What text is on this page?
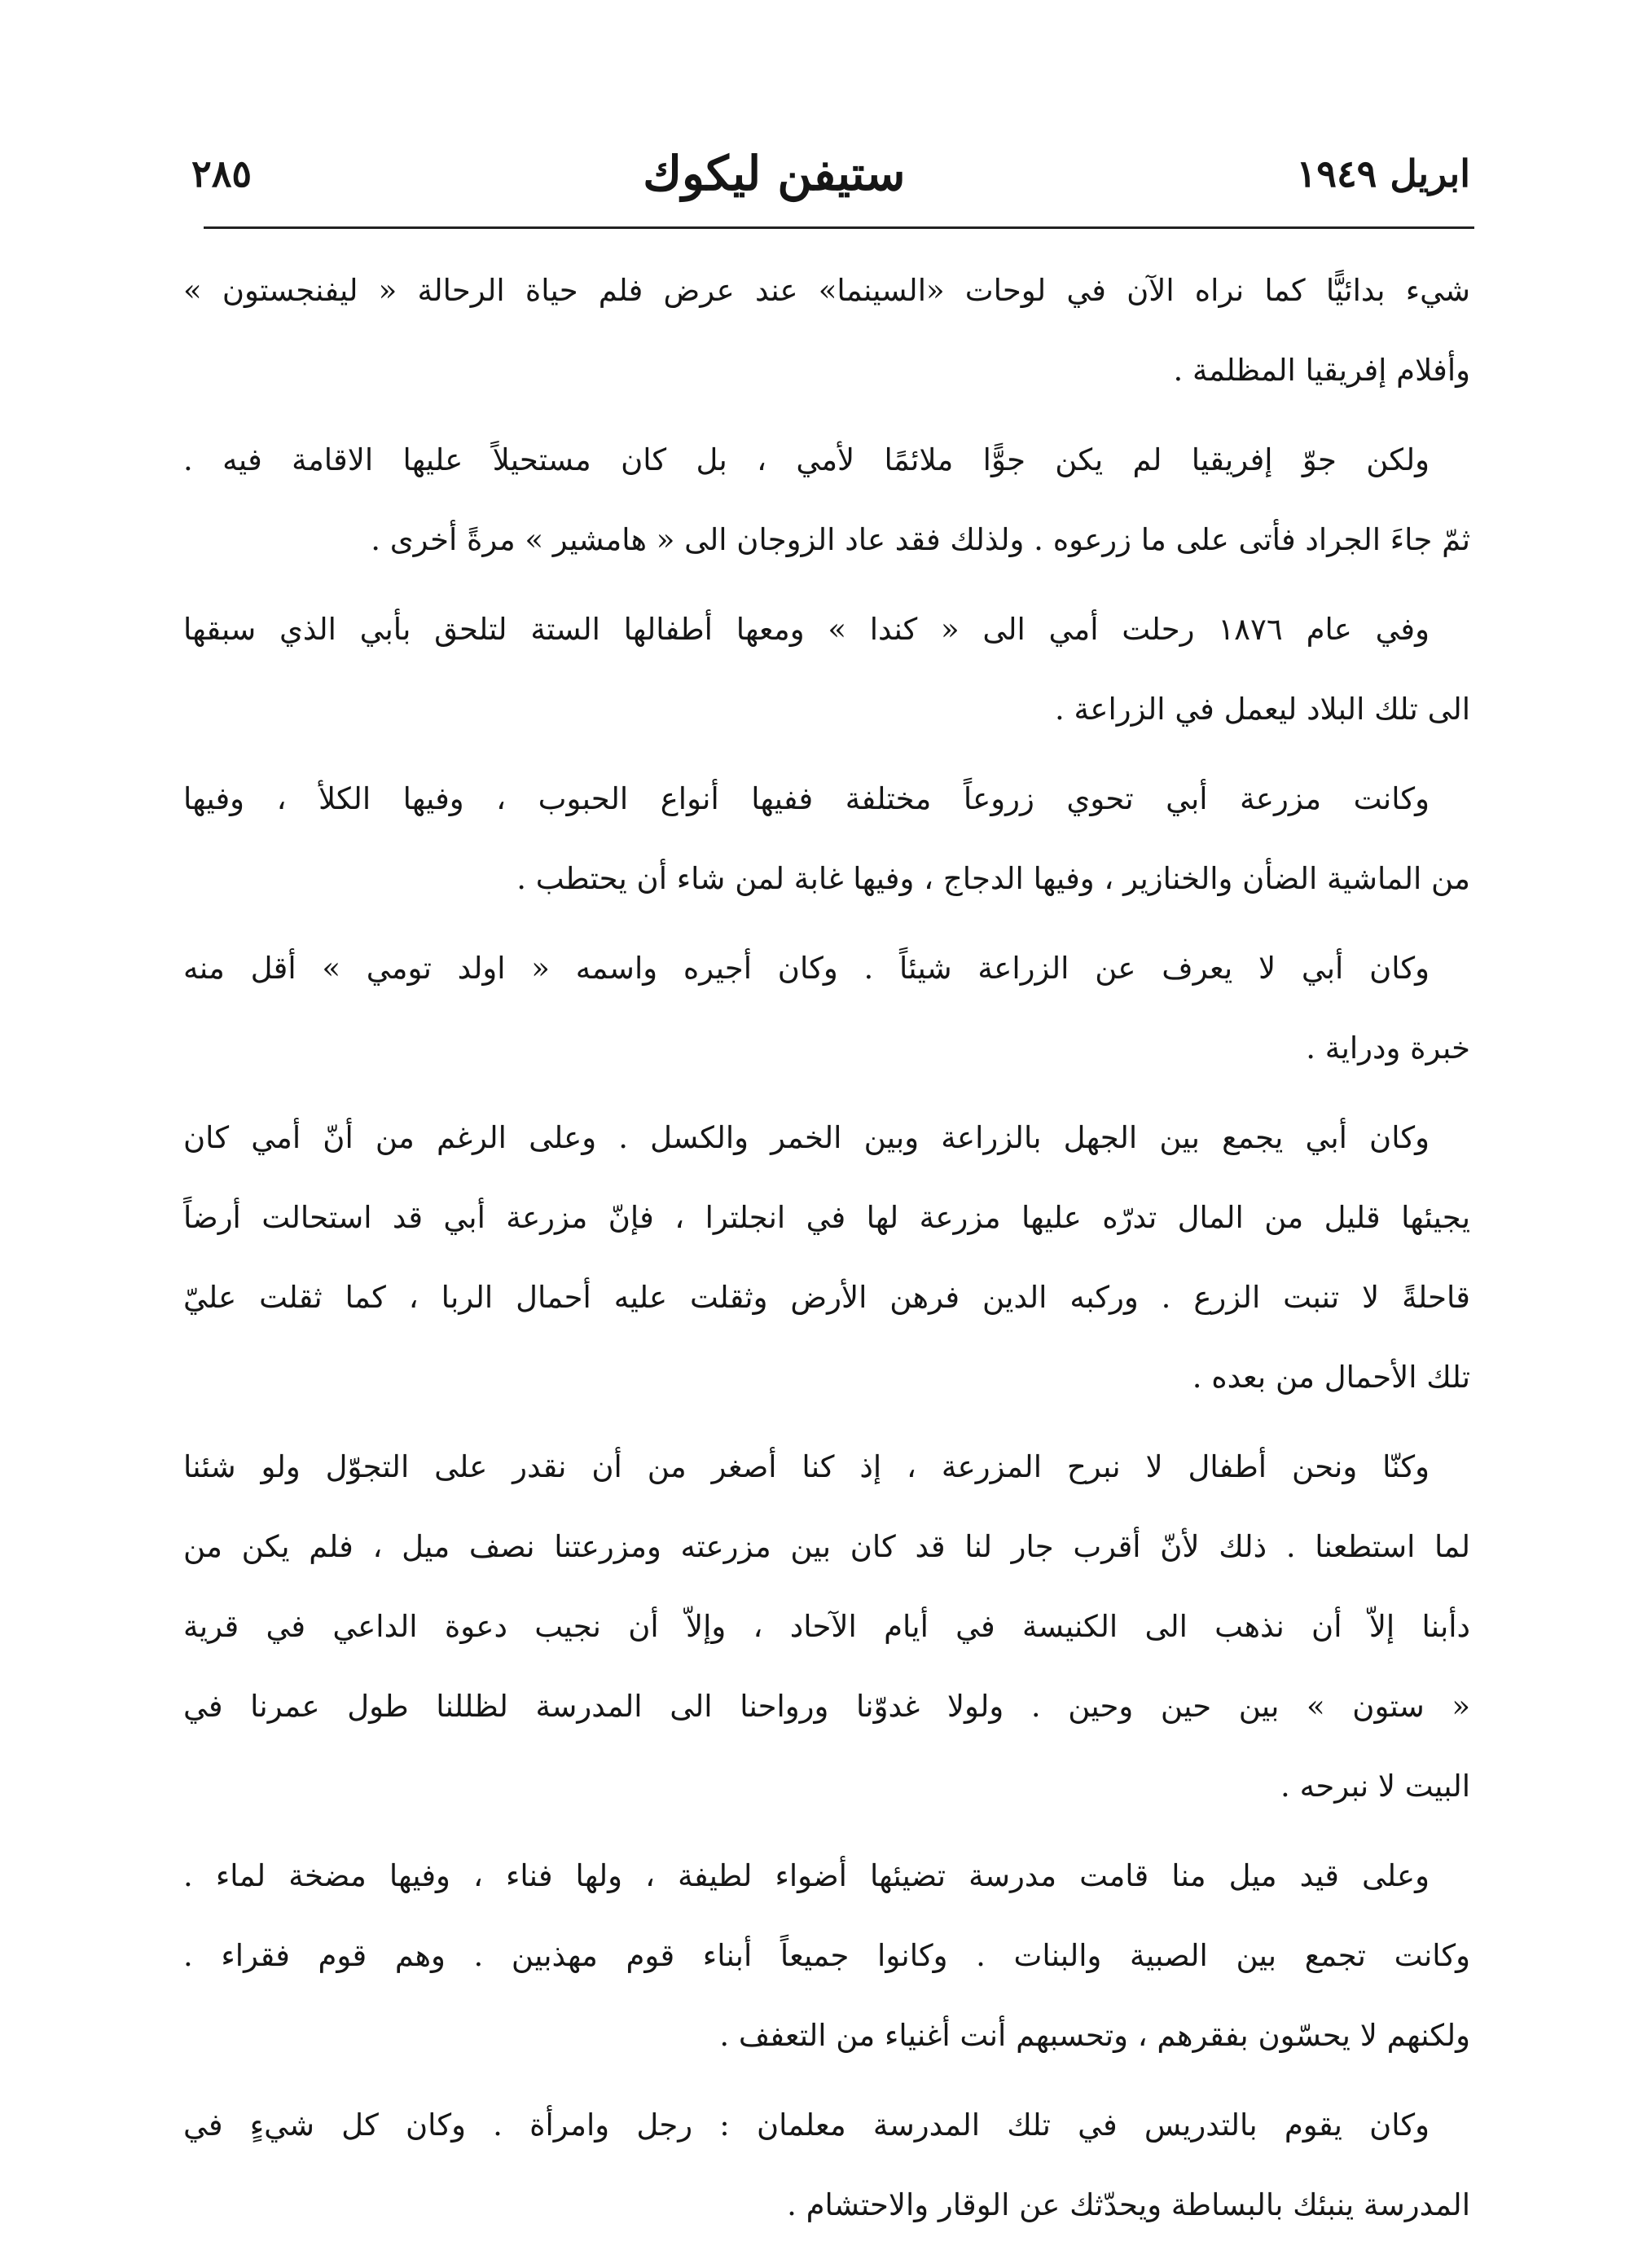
ابريل ١٩٤٩
ستيفن ليكوك
٢٨٥
شيء بدائيًّا كما نراه الآن في لوحات «السينما» عند عرض فلم حياة الرحالة « ليفنجستون »
وأفلام إفريقيا المظلمة .
ولكن جوّ إفريقيا لم يكن جوًّا ملائمًا لأمي ، بل كان مستحيلاً عليها الاقامة فيه .
ثمّ جاءَ الجراد فأتى على ما زرعوه . ولذلك فقد عاد الزوجان الى « هامشير » مرةً أخرى .
وفي عام ١٨٧٦ رحلت أمي الى « كندا » ومعها أطفالها الستة لتلحق بأبي الذي سبقها
الى تلك البلاد ليعمل في الزراعة .
وكانت مزرعة أبي تحوي زروعاً مختلفة ففيها أنواع الحبوب ، وفيها الكلأ ، وفيها
من الماشية الضأن والخنازير ، وفيها الدجاج ، وفيها غابة لمن شاء أن يحتطب .
وكان أبي لا يعرف عن الزراعة شيئاً . وكان أجيره واسمه « اولد تومي » أقل منه
خبرة ودراية .
وكان أبي يجمع بين الجهل بالزراعة وبين الخمر والكسل . وعلى الرغم من أنّ أمي كان
يجيئها قليل من المال تدرّه عليها مزرعة لها في انجلترا ، فإنّ مزرعة أبي قد استحالت أرضاً
قاحلةً لا تنبت الزرع . وركبه الدين فرهن الأرض وثقلت عليه أحمال الربا ، كما ثقلت عليّ
تلك الأحمال من بعده .
وكنّا ونحن أطفال لا نبرح المزرعة ، إذ كنا أصغر من أن نقدر على التجوّل ولو شئنا
لما استطعنا . ذلك لأنّ أقرب جار لنا قد كان بين مزرعته ومزرعتنا نصف ميل ، فلم يكن من
دأبنا إلاّ أن نذهب الى الكنيسة في أيام الآحاد ، وإلاّ أن نجيب دعوة الداعي في قرية
« ستون » بين حين وحين . ولولا غدوّنا ورواحنا الى المدرسة لظللنا طول عمرنا في
البيت لا نبرحه .
وعلى قيد ميل منا قامت مدرسة تضيئها أضواء لطيفة ، ولها فناء ، وفيها مضخة لماء .
وكانت تجمع بين الصبية والبنات . وكانوا جميعاً أبناء قوم مهذبين . وهم قوم فقراء .
ولكنهم لا يحسّون بفقرهم ، وتحسبهم أنت أغنياء من التعفف .
وكان يقوم بالتدريس في تلك المدرسة معلمان : رجل وامرأة . وكان كل شيءٍ في
المدرسة ينبئك بالبساطة ويحدّثك عن الوقار والاحتشام .
